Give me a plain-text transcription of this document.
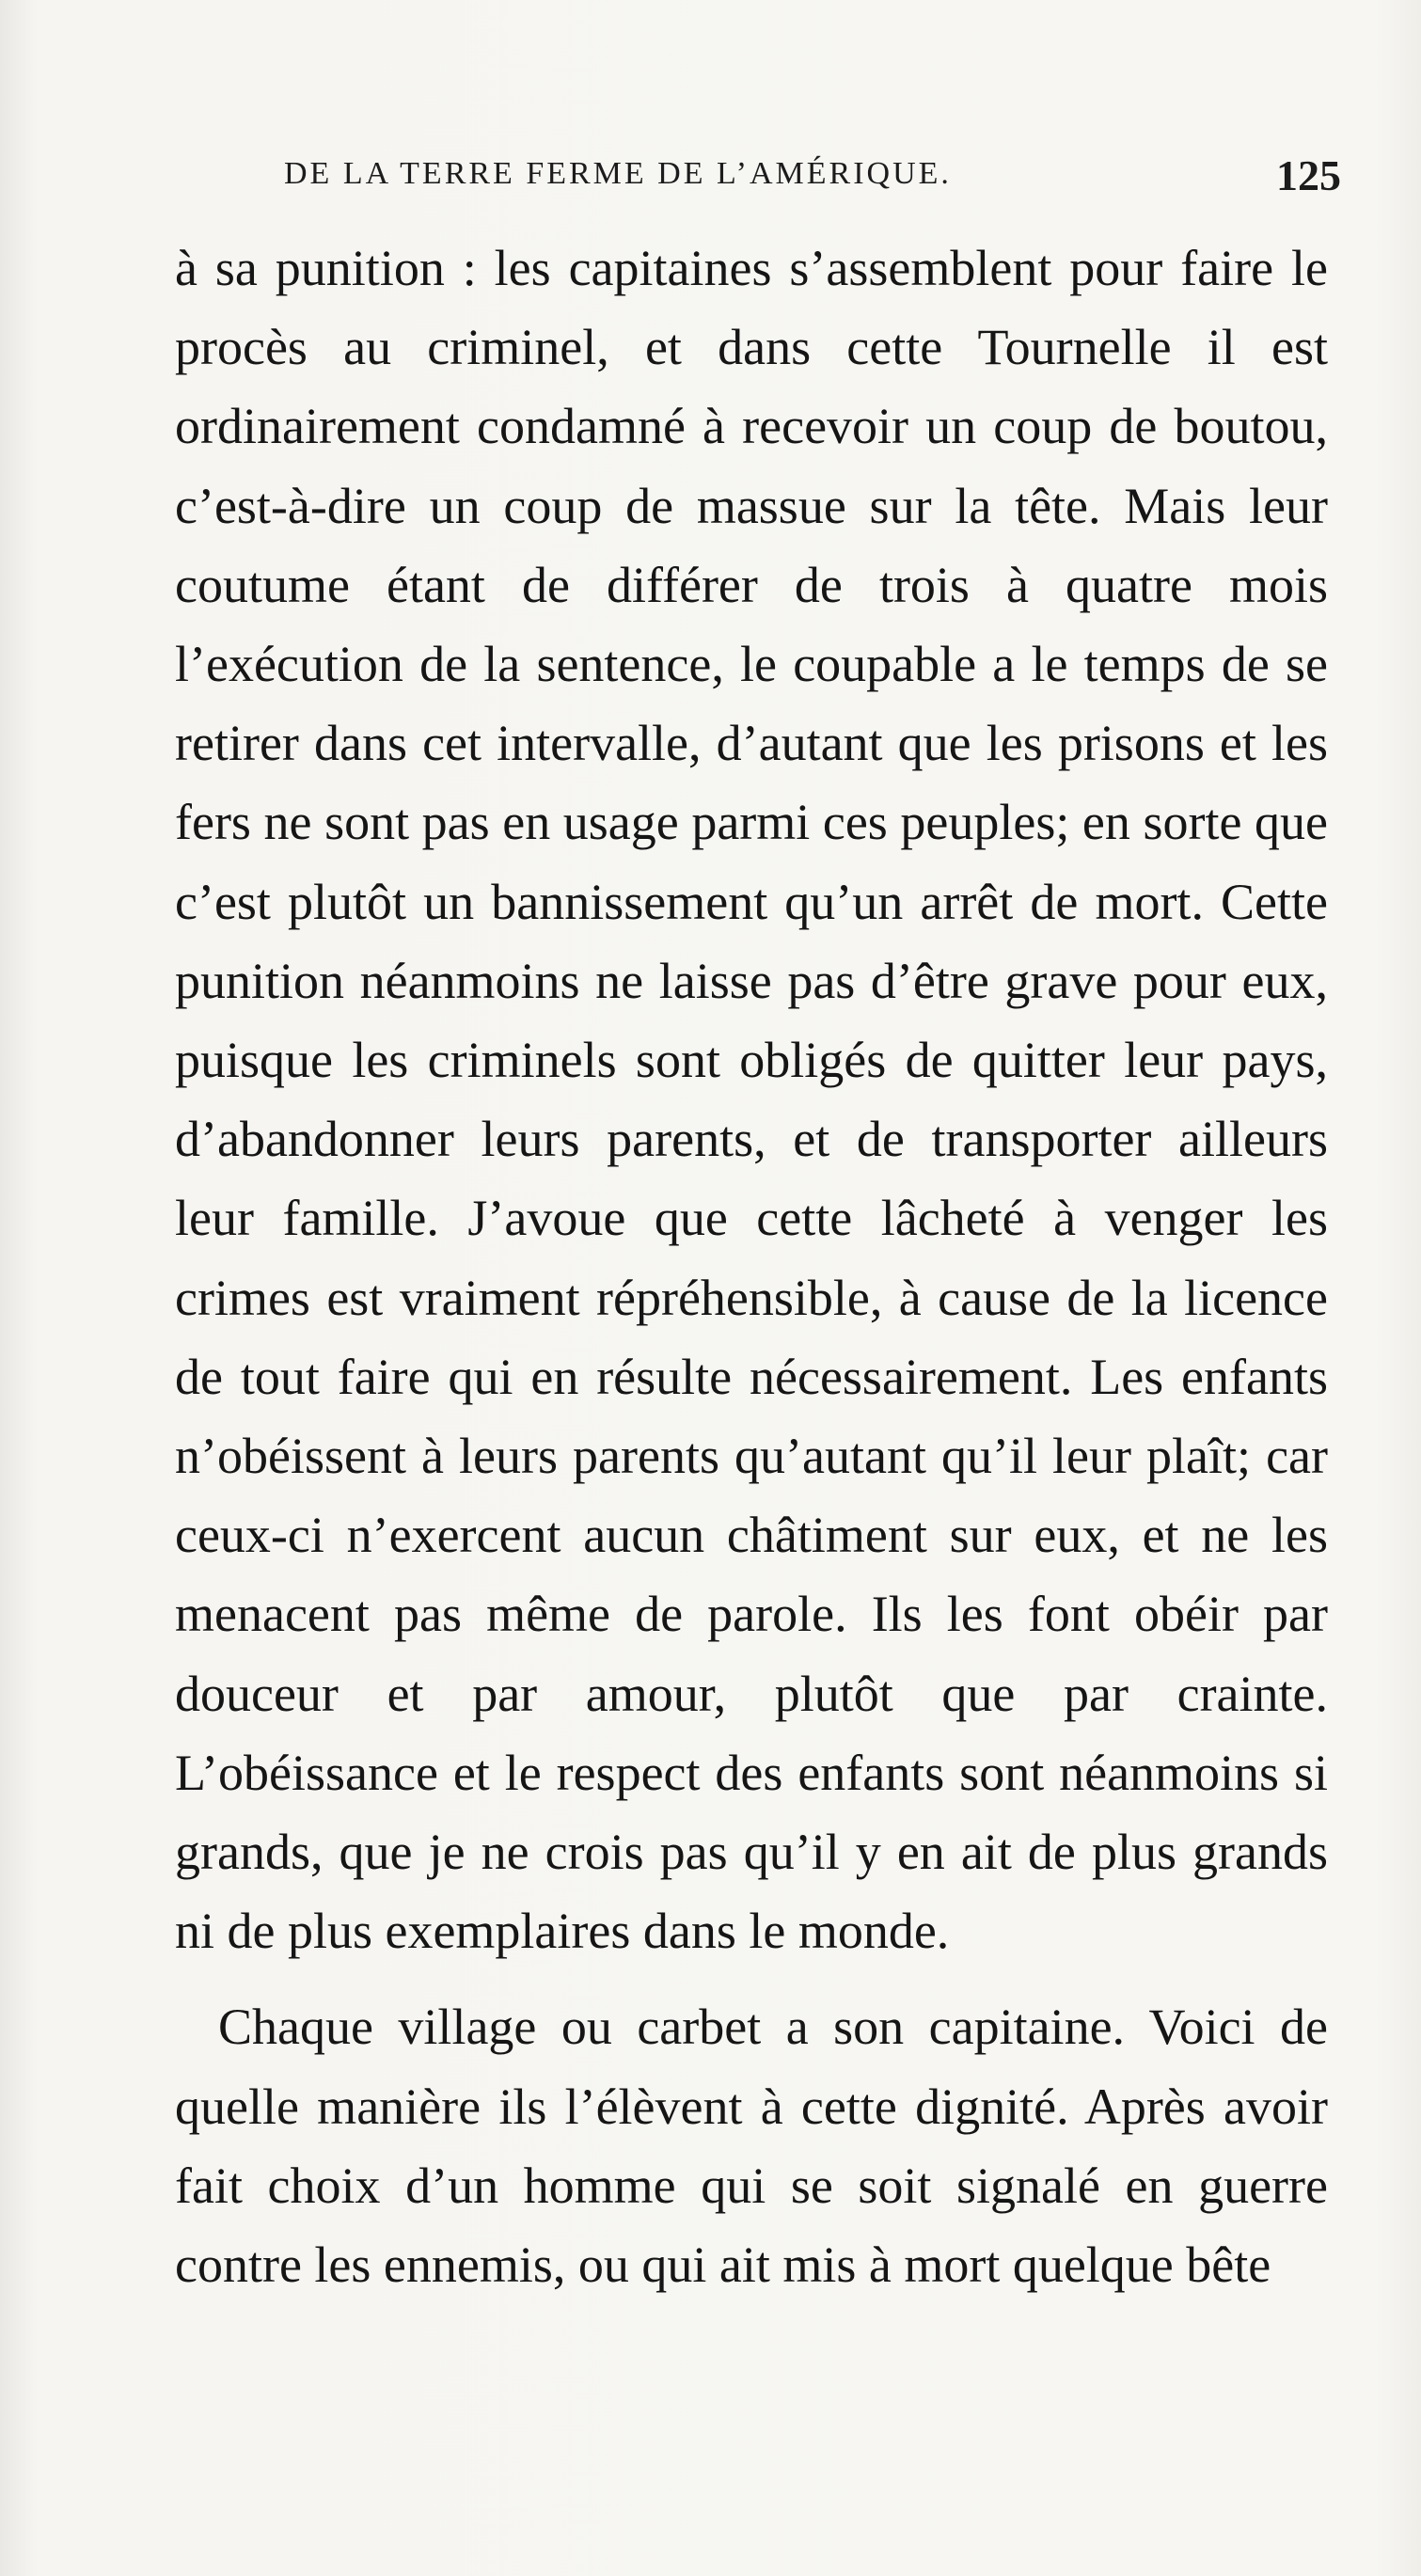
DE LA TERRE FERME DE L’AMÉRIQUE.	125

à sa punition : les capitaines s’assemblent pour faire le procès au criminel, et dans cette Tournelle il est ordinairement condamné à recevoir un coup de boutou, c’est-à-dire un coup de massue sur la tête. Mais leur coutume étant de différer de trois à quatre mois l’exécution de la sentence, le coupable a le temps de se retirer dans cet intervalle, d’autant que les prisons et les fers ne sont pas en usage parmi ces peuples; en sorte que c’est plutôt un bannissement qu’un arrêt de mort. Cette punition néanmoins ne laisse pas d’être grave pour eux, puisque les criminels sont obligés de quitter leur pays, d’abandonner leurs parents, et de transporter ailleurs leur famille. J’avoue que cette lâcheté à venger les crimes est vraiment répréhensible, à cause de la licence de tout faire qui en résulte nécessairement. Les enfants n’obéissent à leurs parents qu’autant qu’il leur plaît; car ceux-ci n’exercent aucun châtiment sur eux, et ne les menacent pas même de parole. Ils les font obéir par douceur et par amour, plutôt que par crainte. L’obéissance et le respect des enfants sont néanmoins si grands, que je ne crois pas qu’il y en ait de plus grands ni de plus exemplaires dans le monde.

Chaque village ou carbet a son capitaine. Voici de quelle manière ils l’élèvent à cette dignité. Après avoir fait choix d’un homme qui se soit signalé en guerre contre les ennemis, ou qui ait mis à mort quelque bête
